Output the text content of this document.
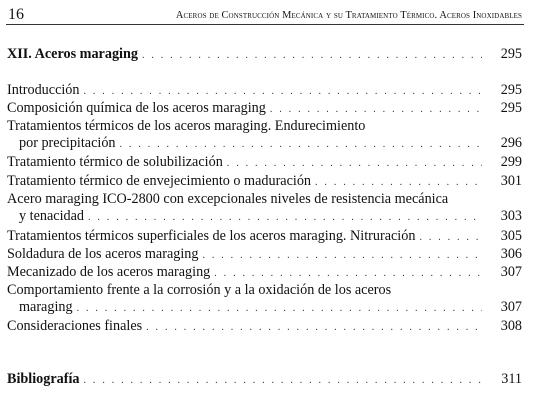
16	Aceros de Construcción Mecánica y su Tratamiento Térmico. Aceros Inoxidables
XII. Aceros maraging . . .	295
Introducción . . .	295
Composición química de los aceros maraging . . .	295
Tratamientos térmicos de los aceros maraging. Endurecimiento
por precipitación . . .	296
Tratamiento térmico de solubilización . . .	299
Tratamiento térmico de envejecimiento o maduración . . .	301
Acero maraging ICO-2800 con excepcionales niveles de resistencia mecánica
y tenacidad . . .	303
Tratamientos térmicos superficiales de los aceros maraging. Nitruración . . .	305
Soldadura de los aceros maraging . . .	306
Mecanizado de los aceros maraging . . .	307
Comportamiento frente a la corrosión y a la oxidación de los aceros
maraging . . .	307
Consideraciones finales . . .	308
Bibliografía . . .	311
